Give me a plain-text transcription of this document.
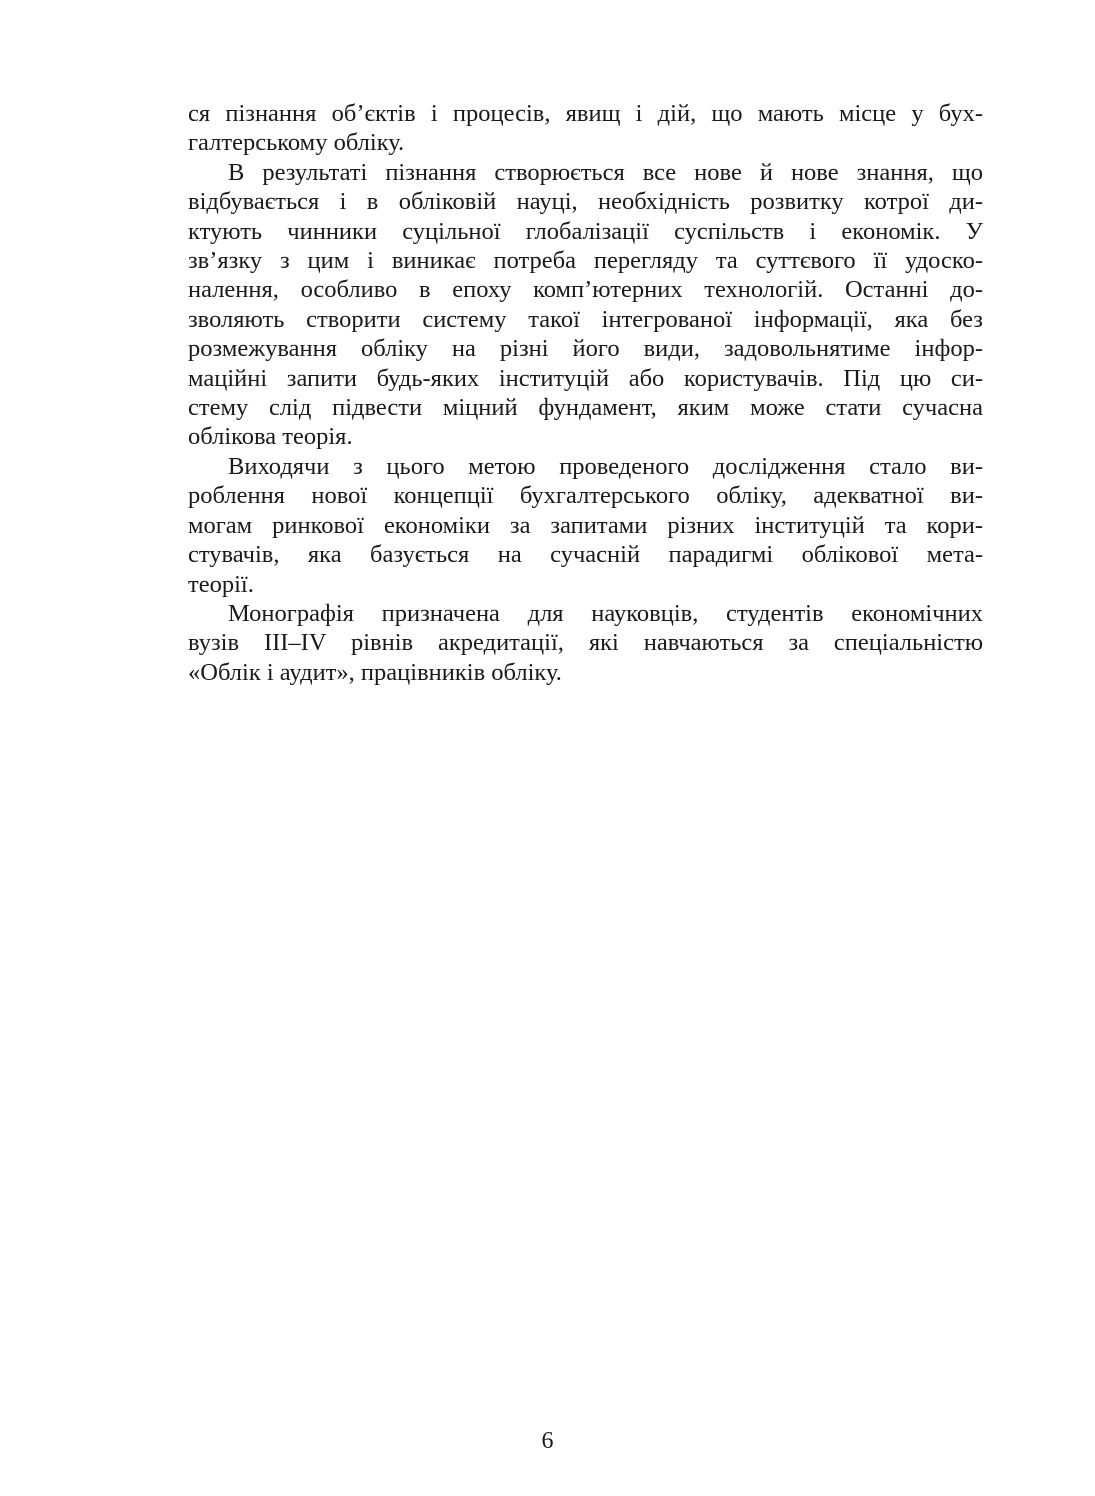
ся пізнання об’єктів і процесів, явищ і дій, що мають місце у бух-
галтерському обліку.

В результаті пізнання створюється все нове й нове знання, що
відбувається і в обліковій науці, необхідність розвитку котрої ди-
ктують чинники суцільної глобалізації суспільств і економік. У
зв’язку з цим і виникає потреба перегляду та суттєвого її удоско-
налення, особливо в епоху комп’ютерних технологій. Останні до-
зволяють створити систему такої інтегрованої інформації, яка без
розмежування обліку на різні його види, задовольнятиме інфор-
маційні запити будь-яких інституцій або користувачів. Під цю си-
стему слід підвести міцний фундамент, яким може стати сучасна
облікова теорія.

Виходячи з цього метою проведеного дослідження стало ви-
роблення нової концепції бухгалтерського обліку, адекватної ви-
могам ринкової економіки за запитами різних інституцій та кори-
стувачів, яка базується на сучасній парадигмі облікової мета-
теорії.

Монографія призначена для науковців, студентів економічних
вузів ІІІ–IV рівнів акредитації, які навчаються за спеціальністю
«Облік і аудит», працівників обліку.

6
